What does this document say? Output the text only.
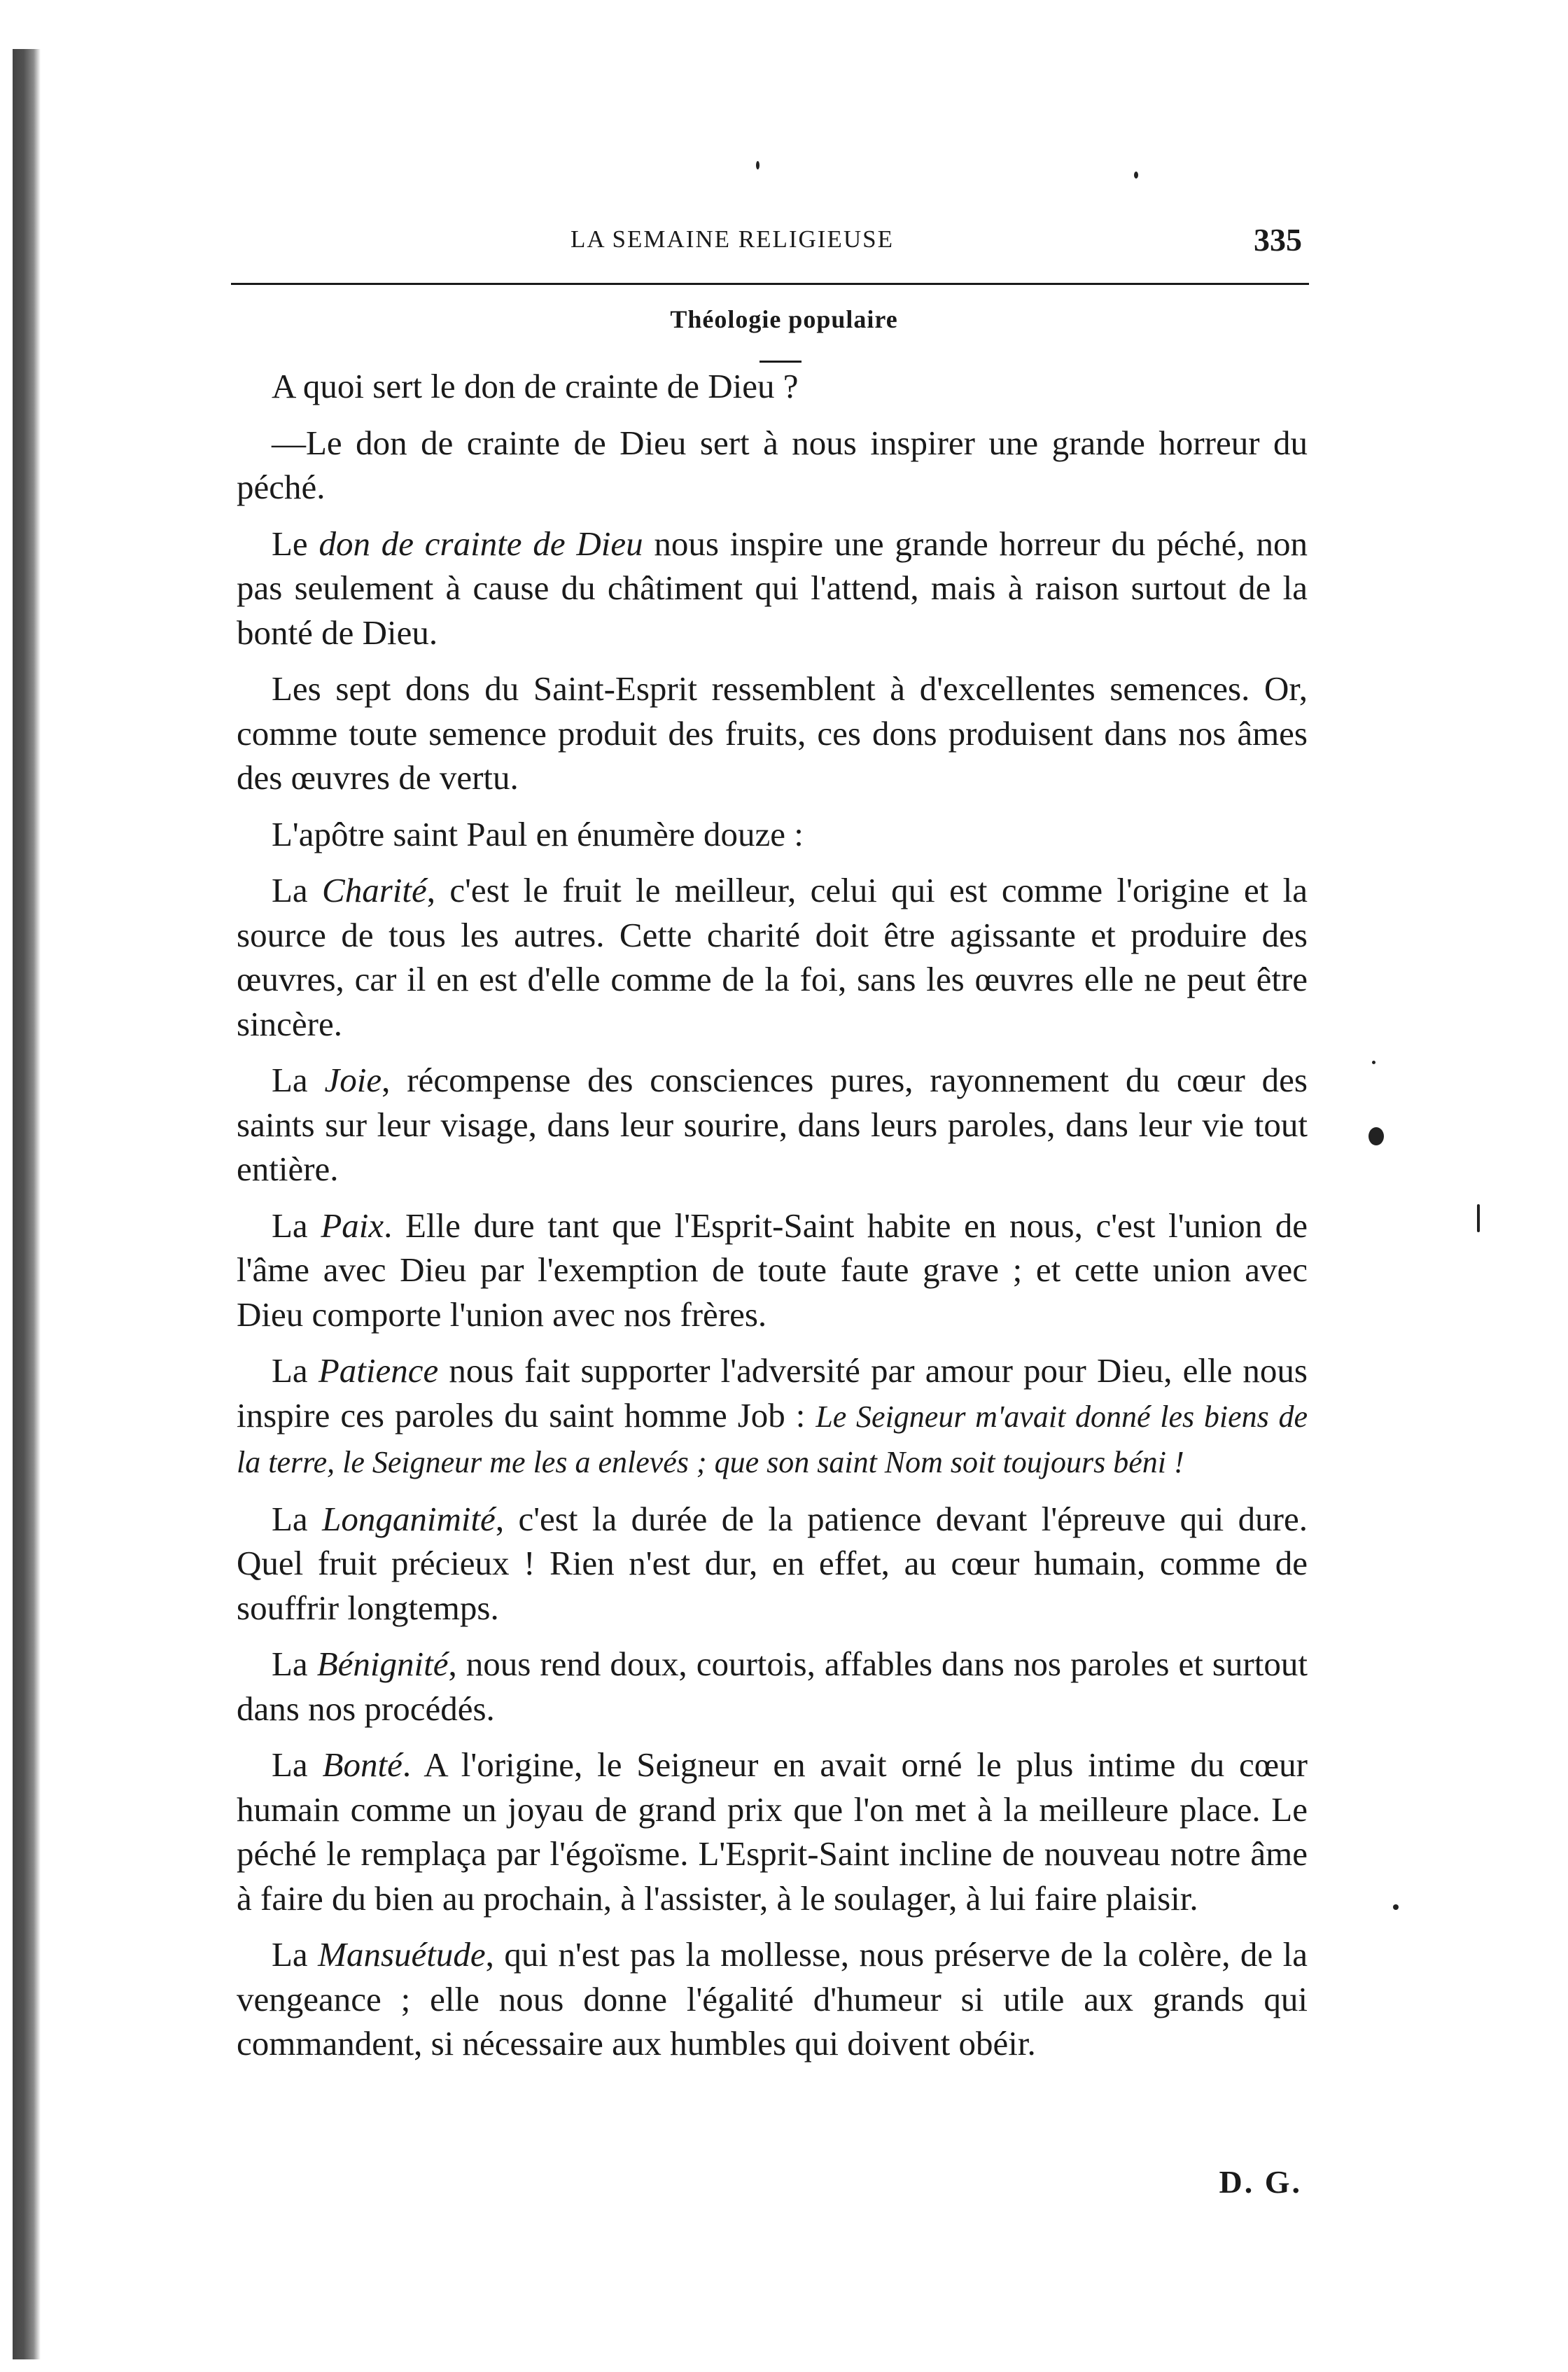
LA SEMAINE RELIGIEUSE	335
Théologie populaire

A quoi sert le don de crainte de Dieu ?

—Le don de crainte de Dieu sert à nous inspirer une grande horreur du péché.

Le don de crainte de Dieu nous inspire une grande horreur du péché, non pas seulement à cause du châtiment qui l'attend, mais à raison surtout de la bonté de Dieu.

Les sept dons du Saint-Esprit ressemblent à d'excellentes semences. Or, comme toute semence produit des fruits, ces dons produisent dans nos âmes des œuvres de vertu.

L'apôtre saint Paul en énumère douze :

La Charité, c'est le fruit le meilleur, celui qui est comme l'origine et la source de tous les autres. Cette charité doit être agissante et produire des œuvres, car il en est d'elle comme de la foi, sans les œuvres elle ne peut être sincère.

La Joie, récompense des consciences pures, rayonnement du cœur des saints sur leur visage, dans leur sourire, dans leurs paroles, dans leur vie tout entière.

La Paix. Elle dure tant que l'Esprit-Saint habite en nous, c'est l'union de l'âme avec Dieu par l'exemption de toute faute grave ; et cette union avec Dieu comporte l'union avec nos frères.

La Patience nous fait supporter l'adversité par amour pour Dieu, elle nous inspire ces paroles du saint homme Job : Le Seigneur m'avait donné les biens de la terre, le Seigneur me les a enlevés ; que son saint Nom soit toujours béni !

La Longanimité, c'est la durée de la patience devant l'épreuve qui dure. Quel fruit précieux ! Rien n'est dur, en effet, au cœur humain, comme de souffrir longtemps.

La Bénignité, nous rend doux, courtois, affables dans nos paroles et surtout dans nos procédés.

La Bonté. A l'origine, le Seigneur en avait orné le plus intime du cœur humain comme un joyau de grand prix que l'on met à la meilleure place. Le péché le remplaça par l'égoïsme. L'Esprit-Saint incline de nouveau notre âme à faire du bien au prochain, à l'assister, à le soulager, à lui faire plaisir.

La Mansuétude, qui n'est pas la mollesse, nous préserve de la colère, de la vengeance ; elle nous donne l'égalité d'humeur si utile aux grands qui commandent, si nécessaire aux humbles qui doivent obéir.

D. G.
